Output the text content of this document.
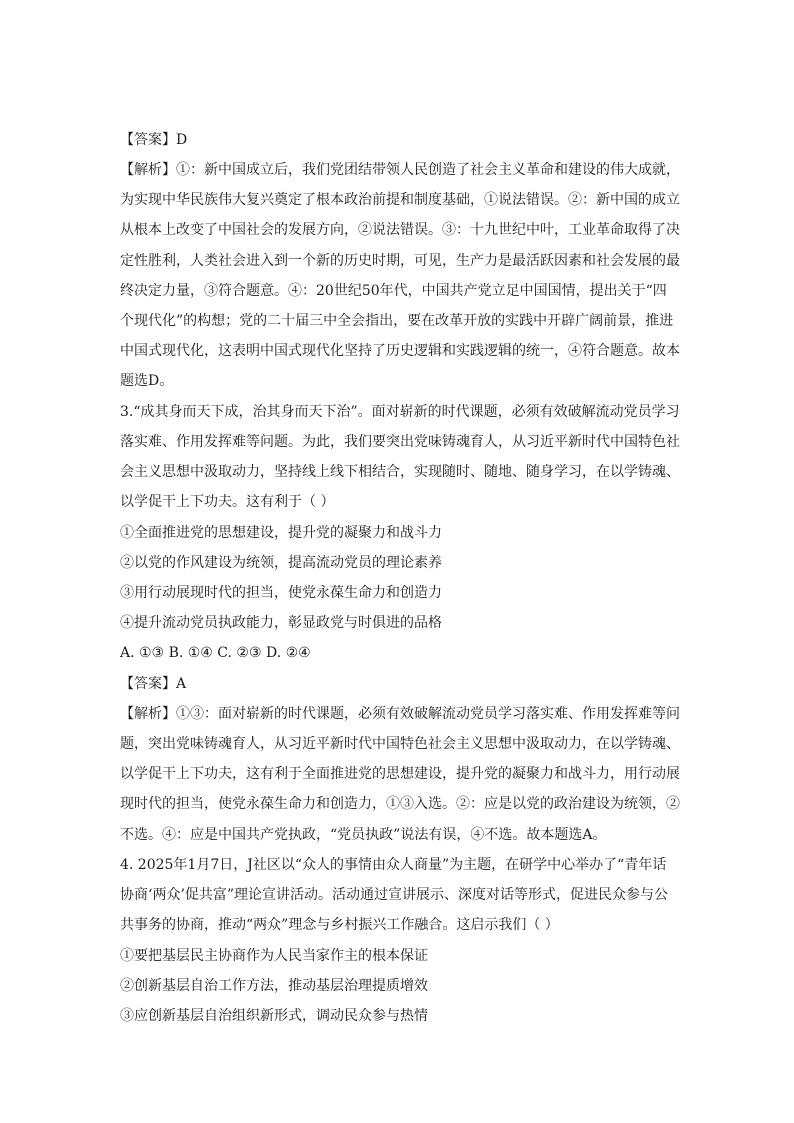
【答案】D
【解析】①：新中国成立后，我们党团结带领人民创造了社会主义革命和建设的伟大成就，
为实现中华民族伟大复兴奠定了根本政治前提和制度基础，①说法错误。②：新中国的成立
从根本上改变了中国社会的发展方向，②说法错误。③：十九世纪中叶，工业革命取得了决
定性胜利，人类社会进入到一个新的历史时期，可见，生产力是最活跃因素和社会发展的最
终决定力量，③符合题意。④：20世纪50年代，中国共产党立足中国国情，提出关于“四
个现代化”的构想；党的二十届三中全会指出，要在改革开放的实践中开辟广阔前景，推进
中国式现代化，这表明中国式现代化坚持了历史逻辑和实践逻辑的统一，④符合题意。故本
题选D。
3.“成其身而天下成，治其身而天下治”。面对崭新的时代课题，必须有效破解流动党员学习
落实难、作用发挥难等问题。为此，我们要突出党味铸魂育人，从习近平新时代中国特色社
会主义思想中汲取动力，坚持线上线下相结合，实现随时、随地、随身学习，在以学铸魂、
以学促干上下功夫。这有利于（ ）
①全面推进党的思想建设，提升党的凝聚力和战斗力
②以党的作风建设为统领，提高流动党员的理论素养
③用行动展现时代的担当，使党永葆生命力和创造力
④提升流动党员执政能力，彰显政党与时俱进的品格
A. ①③ B. ①④ C. ②③ D. ②④
【答案】A
【解析】①③：面对崭新的时代课题，必须有效破解流动党员学习落实难、作用发挥难等问
题，突出党味铸魂育人，从习近平新时代中国特色社会主义思想中汲取动力，在以学铸魂、
以学促干上下功夫，这有利于全面推进党的思想建设，提升党的凝聚力和战斗力，用行动展
现时代的担当，使党永葆生命力和创造力，①③入选。②：应是以党的政治建设为统领，②
不选。④：应是中国共产党执政，“党员执政”说法有误，④不选。故本题选A。
4. 2025年1月7日，J社区以“众人的事情由众人商量”为主题，在研学中心举办了“青年话
协商‘两众’促共富”理论宣讲活动。活动通过宣讲展示、深度对话等形式，促进民众参与公
共事务的协商，推动“两众”理念与乡村振兴工作融合。这启示我们（ ）
①要把基层民主协商作为人民当家作主的根本保证
②创新基层自治工作方法，推动基层治理提质增效
③应创新基层自治组织新形式，调动民众参与热情
